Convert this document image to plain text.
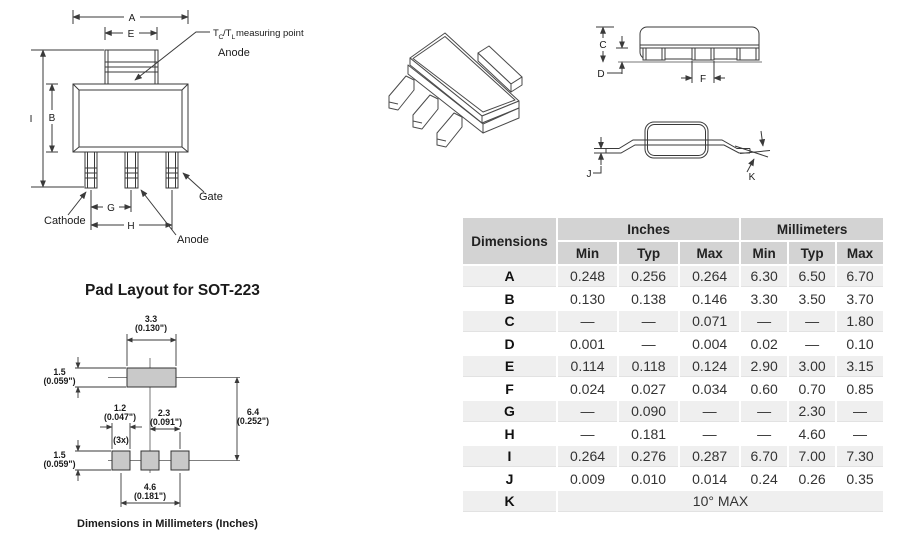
A
E
I B
G
H
T C /T L measuring point
Anode
Cathode
Gate
Anode
C
D	F
J	K
Pad Layout for SOT-223
3.3
(0.130")
1.5
(0.059")
1.2
(0.047")
(3x)
2.3
(0.091")
6.4
(0.252")
1.5
(0.059")
4.6
(0.181")
Dimensions in Millimeters (Inches)
Dimensions	Inches			Millimeters		
	Min	Typ	Max	Min	Typ	Max
A	0.248	0.256	0.264	6.30	6.50	6.70
B	0.130	0.138	0.146	3.30	3.50	3.70
C	—	—	0.071	—	—	1.80
D	0.001	—	0.004	0.02	—	0.10
E	0.114	0.118	0.124	2.90	3.00	3.15
F	0.024	0.027	0.034	0.60	0.70	0.85
G	—	0.090	—	—	2.30	—
H	—	0.181	—	—	4.60	—
I	0.264	0.276	0.287	6.70	7.00	7.30
J	0.009	0.010	0.014	0.24	0.26	0.35
K	10° MAX					
